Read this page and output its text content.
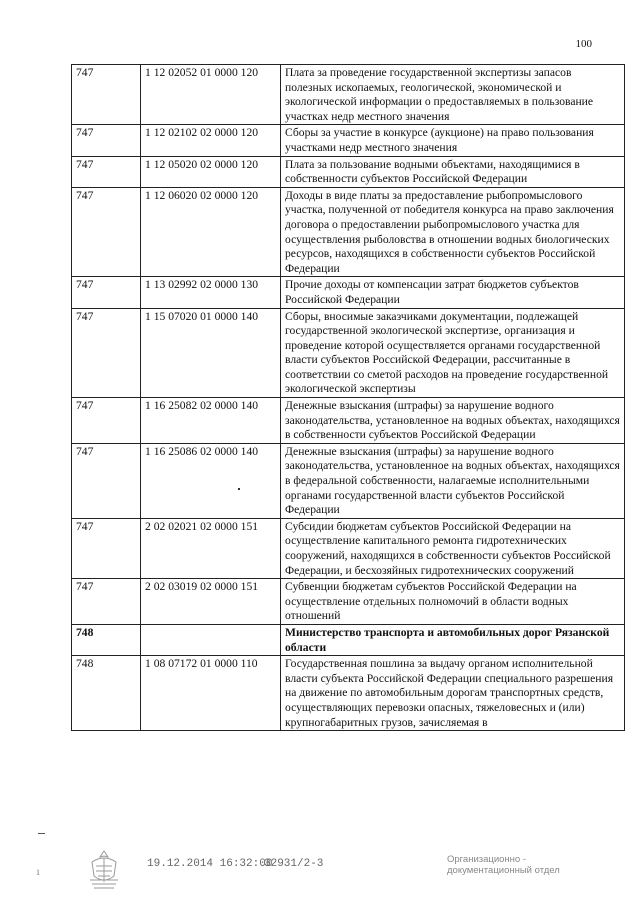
100
747	1 12 02052 01 0000 120	Плата за проведение государственной экспертизы запасов полезных ископаемых, геологической, экономической и экологической информации о предоставляемых в пользование участках недр местного значения
747	1 12 02102 02 0000 120	Сборы за участие в конкурсе (аукционе) на право пользования участками недр местного значения
747	1 12 05020 02 0000 120	Плата за пользование водными объектами, находящимися в собственности субъектов Российской Федерации
747	1 12 06020 02 0000 120	Доходы в виде платы за предоставление рыбопромыслового участка, полученной от победителя конкурса на право заключения договора о предоставлении рыбопромыслового участка для осуществления рыболовства в отношении водных биологических ресурсов, находящихся в собственности субъектов Российской Федерации
747	1 13 02992 02 0000 130	Прочие доходы от компенсации затрат бюджетов субъектов Российской Федерации
747	1 15 07020 01 0000 140	Сборы, вносимые заказчиками документации, подлежащей государственной экологической экспертизе, организация и проведение которой осуществляется органами государственной власти субъектов Российской Федерации, рассчитанные в соответствии со сметой расходов на проведение государственной экологической экспертизы
747	1 16 25082 02 0000 140	Денежные взыскания (штрафы) за нарушение водного законодательства, установленное на водных объектах, находящихся в собственности субъектов Российской Федерации
747	1 16 25086 02 0000 140	Денежные взыскания (штрафы) за нарушение водного законодательства, установленное на водных объектах, находящихся в федеральной собственности, налагаемые исполнительными органами государственной власти субъектов Российской Федерации
747	2 02 02021 02 0000 151	Субсидии бюджетам субъектов Российской Федерации на осуществление капитального ремонта гидротехнических сооружений, находящихся в собственности субъектов Российской Федерации, и бесхозяйных гидротехнических сооружений
747	2 02 03019 02 0000 151	Субвенции бюджетам субъектов Российской Федерации на осуществление отдельных полномочий в области водных отношений
748		Министерство транспорта и автомобильных дорог Рязанской области
748	1 08 07172 01 0000 110	Государственная пошлина за выдачу органом исполнительной власти субъекта Российской Федерации специального разрешения на движение по автомобильным дорогам транспортных средств, осуществляющих перевозки опасных, тяжеловесных и (или) крупногабаритных грузов, зачисляемая в
1
19.12.2014 16:32:00
32931/2-3	Организационно -
документационный отдел
